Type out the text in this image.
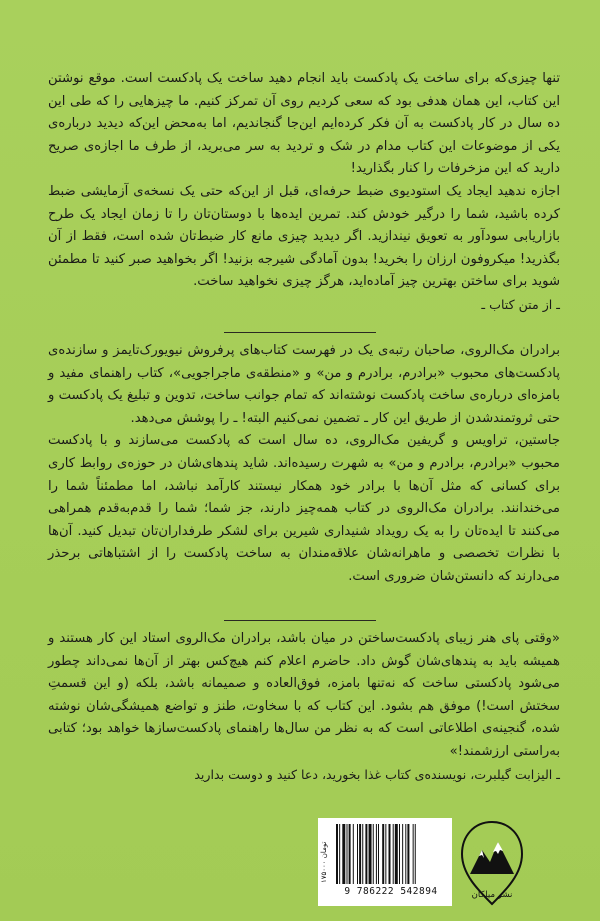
تنها چیزی‌که برای ساخت یک پادکست باید انجام دهید ساخت یک پادکست است. موقع نوشتن این کتاب، این همان هدفی بود که سعی کردیم روی آن تمرکز کنیم. ما چیزهایی را که طی این ده سال در کار پادکست به آن فکر کرده‌ایم این‌جا گنجاندیم، اما به‌محض این‌که دیدید درباره‌ی یکی از موضوعات این کتاب مدام در شک و تردید به سر می‌برید، از طرف ما اجازه‌ی صریح دارید که این مزخرفات را کنار بگذارید!

اجازه ندهید ایجاد یک استودیوی ضبط حرفه‌ای، قبل از این‌که حتی یک نسخه‌ی آزمایشی ضبط کرده باشید، شما را درگیر خودش کند. تمرین ایده‌ها با دوستان‌تان را تا زمان ایجاد یک طرح بازاریابی سودآور به تعویق نیندازید. اگر دیدید چیزی مانع کار ضبط‌تان شده است، فقط از آن بگذرید! میکروفون ارزان را بخرید! بدون آمادگی شیرجه بزنید! اگر بخواهید صبر کنید تا مطمئن شوید برای ساختن بهترین چیز آماده‌اید، هرگز چیزی نخواهید ساخت.

ـ از متن کتاب ـ

برادران مک‌الروی، صاحبان رتبه‌ی یک در فهرست کتاب‌های پرفروش نیویورک‌تایمز و سازنده‌ی پادکست‌های محبوب «برادرم، برادرم و من» و «منطقه‌ی ماجراجویی»، کتاب راهنمای مفید و بامزه‌ای درباره‌ی ساخت پادکست نوشته‌اند که تمام جوانب ساخت، تدوین و تبلیغ یک پادکست و حتی ثروتمندشدن از طریق این کار ـ تضمین نمی‌کنیم البته! ـ را پوشش می‌دهد.

جاستین، تراویس و گریفین مک‌الروی، ده سال است که پادکست می‌سازند و با پادکست محبوب «برادرم، برادرم و من» به شهرت رسیده‌اند. شاید پندهای‌شان در حوزه‌ی روابط کاری برای کسانی که مثل آن‌ها با برادر خود همکار نیستند کارآمد نباشد، اما مطمئناً شما را می‌خندانند. برادران مک‌الروی در کتاب همه‌چیز دارند، جز شما؛ شما را قدم‌به‌قدم همراهی می‌کنند تا ایده‌تان را به یک رویداد شنیداری شیرین برای لشکر طرفداران‌تان تبدیل کنید. آن‌ها با نظرات تخصصی و ماهرانه‌شان علاقه‌مندان به ساخت پادکست را از اشتباهاتی برحذر می‌دارند که دانستن‌شان ضروری است.

«وقتی پای هنر زیبای پادکست‌ساختن در میان باشد، برادران مک‌الروی استاد این کار هستند و همیشه باید به پندهای‌شان گوش داد. حاضرم اعلام کنم هیچ‌کس بهتر از آن‌ها نمی‌داند چطور می‌شود پادکستی ساخت که نه‌تنها بامزه، فوق‌العاده و صمیمانه باشد، بلکه (و این قسمتِ سختش است!) موفق هم بشود. این کتاب که با سخاوت، طنز و تواضع همیشگی‌شان نوشته شده، گنجینه‌ی اطلاعاتی است که به نظر من سال‌ها راهنمای پادکست‌سازها خواهد بود؛ کتابی به‌راستی ارزشمند!»

ـ الیزابت گیلبرت، نویسنده‌ی کتاب غذا بخورید، دعا کنید و دوست بدارید

۱۷۵۰۰۰ تومان
9 786222 542894	نشر میلکان
